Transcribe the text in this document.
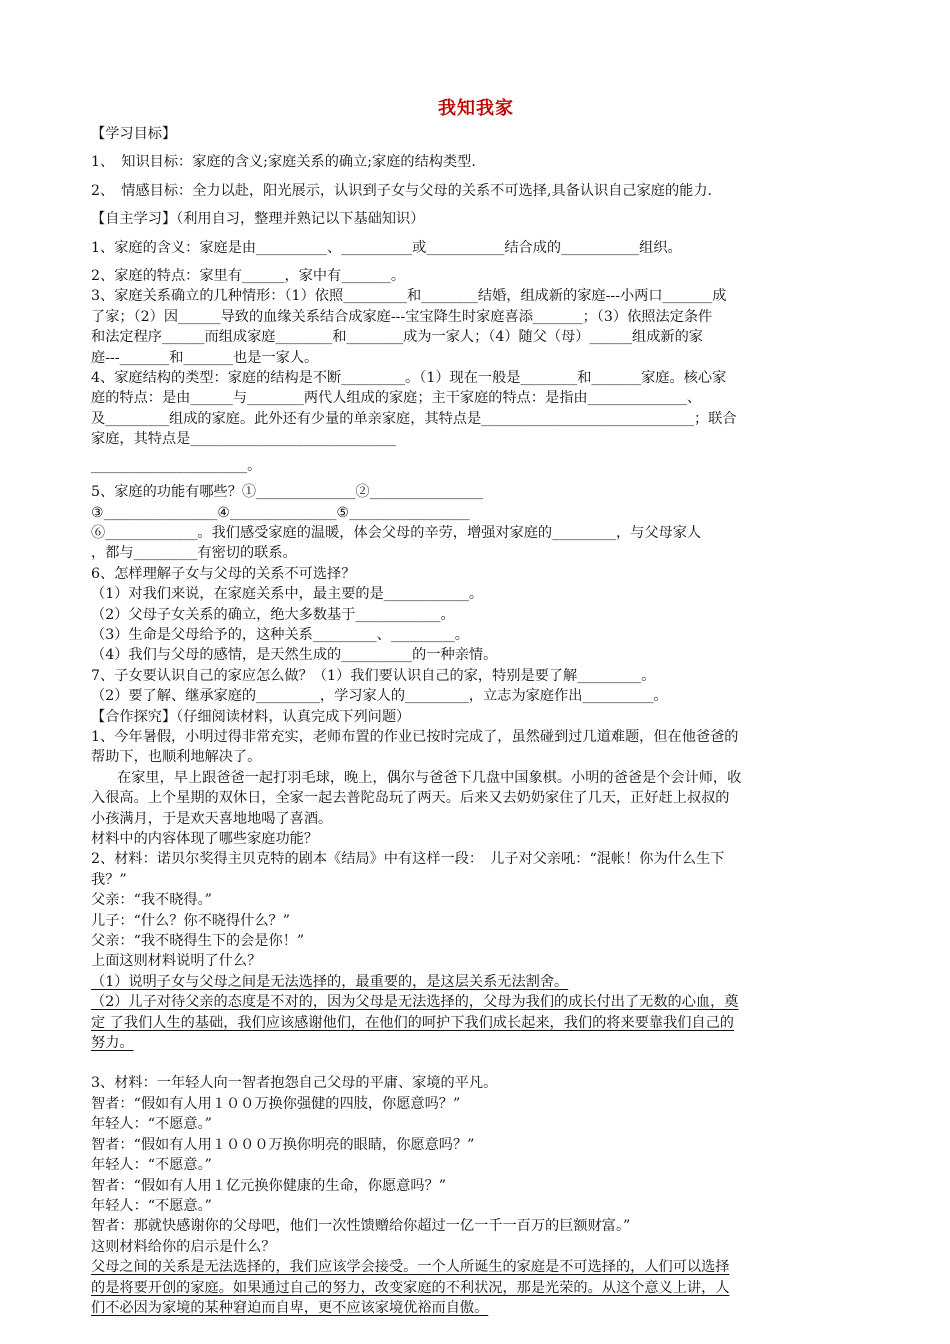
我知我家
【学习目标】
1、　知识目标：家庭的含义;家庭关系的确立;家庭的结构类型.
2、　情感目标：全力以赴，阳光展示，认识到子女与父母的关系不可选择,具备认识自己家庭的能力.
【自主学习】（利用自习，整理并熟记以下基础知识）
1、家庭的含义：家庭是由__________、__________或___________结合成的___________组织。
2、家庭的特点：家里有______，家中有_______。
3、家庭关系确立的几种情形：（1）依照_________和________结婚，组成新的家庭---小两口_______成
了家；（2）因______导致的血缘关系结合成家庭---宝宝降生时家庭喜添_______；（3）依照法定条件
和法定程序______而组成家庭________和________成为一家人；（4）随父（母）______组成新的家
庭---_______和_______也是一家人。
4、家庭结构的类型：家庭的结构是不断_________。（1）现在一般是________和_______家庭。核心家
庭的特点：是由______与________两代人组成的家庭；主干家庭的特点：是指由______________、
及_________组成的家庭。此外还有少量的单亲家庭，其特点是______________________________；联合
家庭，其特点是_____________________________
______________________。
5、家庭的功能有哪些？①______________②________________
③________________④_______________⑤_________________
⑥_____________。我们感受家庭的温暖，体会父母的辛劳，增强对家庭的_________，与父母家人
，都与_________有密切的联系。
6、怎样理解子女与父母的关系不可选择？
（1）对我们来说，在家庭关系中，最主要的是____________。
（2）父母子女关系的确立，绝大多数基于____________。
（3）生命是父母给予的，这种关系_________、_________。
（4）我们与父母的感情，是天然生成的__________的一种亲情。
7、子女要认识自己的家应怎么做？（1）我们要认识自己的家，特别是要了解_________。
（2）要了解、继承家庭的_________，学习家人的_________，立志为家庭作出__________。
【合作探究】（仔细阅读材料，认真完成下列问题）
1、今年暑假，小明过得非常充实，老师布置的作业已按时完成了，虽然碰到过几道难题，但在他爸爸的
帮助下，也顺利地解决了。
在家里，早上跟爸爸一起打羽毛球，晚上，偶尔与爸爸下几盘中国象棋。小明的爸爸是个会计师，收
入很高。上个星期的双休日，全家一起去普陀岛玩了两天。后来又去奶奶家住了几天，正好赶上叔叔的
小孩满月，于是欢天喜地地喝了喜酒。
材料中的内容体现了哪些家庭功能？
2、材料：诺贝尔奖得主贝克特的剧本《结局》中有这样一段：　儿子对父亲吼：“混帐！你为什么生下
我？”
父亲：“我不晓得。”
儿子：“什么？你不晓得什么？”
父亲：“我不晓得生下的会是你！”
上面这则材料说明了什么？
（1）说明子女与父母之间是无法选择的，最重要的，是这层关系无法割舍。
（2）儿子对待父亲的态度是不对的，因为父母是无法选择的，父母为我们的成长付出了无数的心血，奠
定 了我们人生的基础，我们应该感谢他们，在他们的呵护下我们成长起来，我们的将来要靠我们自己的
努力。
3、材料：一年轻人向一智者抱怨自己父母的平庸、家境的平凡。
智者：“假如有人用１００万换你强健的四肢，你愿意吗？”
年轻人：“不愿意。”
智者：“假如有人用１０００万换你明亮的眼睛，你愿意吗？”
年轻人：“不愿意。”
智者：“假如有人用１亿元换你健康的生命，你愿意吗？”
年轻人：“不愿意。”
智者：那就快感谢你的父母吧，他们一次性馈赠给你超过一亿一千一百万的巨额财富。”
这则材料给你的启示是什么？
父母之间的关系是无法选择的，我们应该学会接受。一个人所诞生的家庭是不可选择的，人们可以选择
的是将要开创的家庭。如果通过自己的努力，改变家庭的不利状况，那是光荣的。从这个意义上讲，人
们不必因为家境的某种窘迫而自卑，更不应该家境优裕而自傲。
